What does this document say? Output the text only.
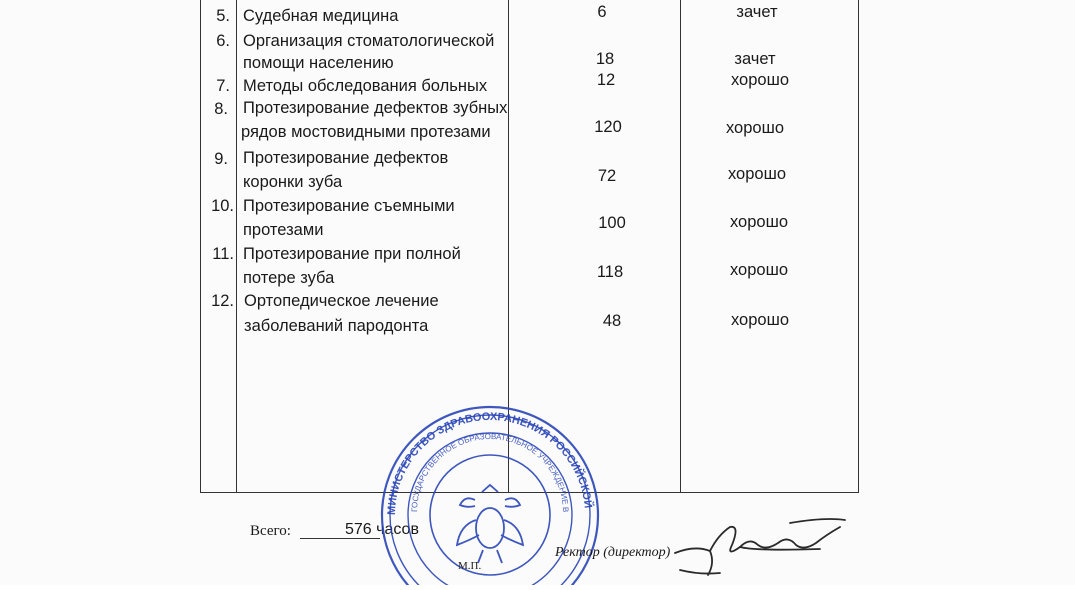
5. Судебная медицина	6	зачет
6. Организация стоматологической
помощи населению	18	зачет
7. Методы обследования больных	12	хорошо
8. Протезирование дефектов зубных
рядов мостовидными протезами	120	хорошо
9. Протезирование дефектов
коронки зуба	72	хорошо
10. Протезирование съемными
протезами	100	хорошо
11. Протезирование при полной
потере зуба	118	хорошо
12. Ортопедическое лечение
заболеваний пародонта	48	хорошо
Всего:	576 часов
МИНИСТЕРСТВО ЗДРАВООХРАНЕНИЯ РОССИЙСКОЙ
ГОСУДАРСТВЕННОЕ ОБРАЗОВАТЕЛЬНОЕ УЧРЕЖДЕНИЕ В
М.П.
Ректор (директор)
